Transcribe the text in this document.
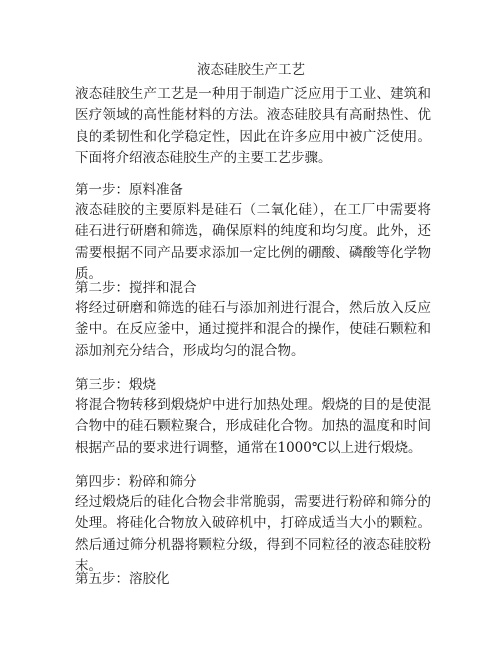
液态硅胶生产工艺

液态硅胶生产工艺是一种用于制造广泛应用于工业、建筑和医疗领域的高性能材料的方法。液态硅胶具有高耐热性、优良的柔韧性和化学稳定性，因此在许多应用中被广泛使用。下面将介绍液态硅胶生产的主要工艺步骤。

第一步：原料准备

液态硅胶的主要原料是硅石（二氧化硅），在工厂中需要将硅石进行研磨和筛选，确保原料的纯度和均匀度。此外，还需要根据不同产品要求添加一定比例的硼酸、磷酸等化学物质。

第二步：搅拌和混合

将经过研磨和筛选的硅石与添加剂进行混合，然后放入反应釜中。在反应釜中，通过搅拌和混合的操作，使硅石颗粒和添加剂充分结合，形成均匀的混合物。

第三步：煅烧

将混合物转移到煅烧炉中进行加热处理。煅烧的目的是使混合物中的硅石颗粒聚合，形成硅化合物。加热的温度和时间根据产品的要求进行调整，通常在1000℃以上进行煅烧。

第四步：粉碎和筛分

经过煅烧后的硅化合物会非常脆弱，需要进行粉碎和筛分的处理。将硅化合物放入破碎机中，打碎成适当大小的颗粒。然后通过筛分机器将颗粒分级，得到不同粒径的液态硅胶粉末。

第五步：溶胶化
